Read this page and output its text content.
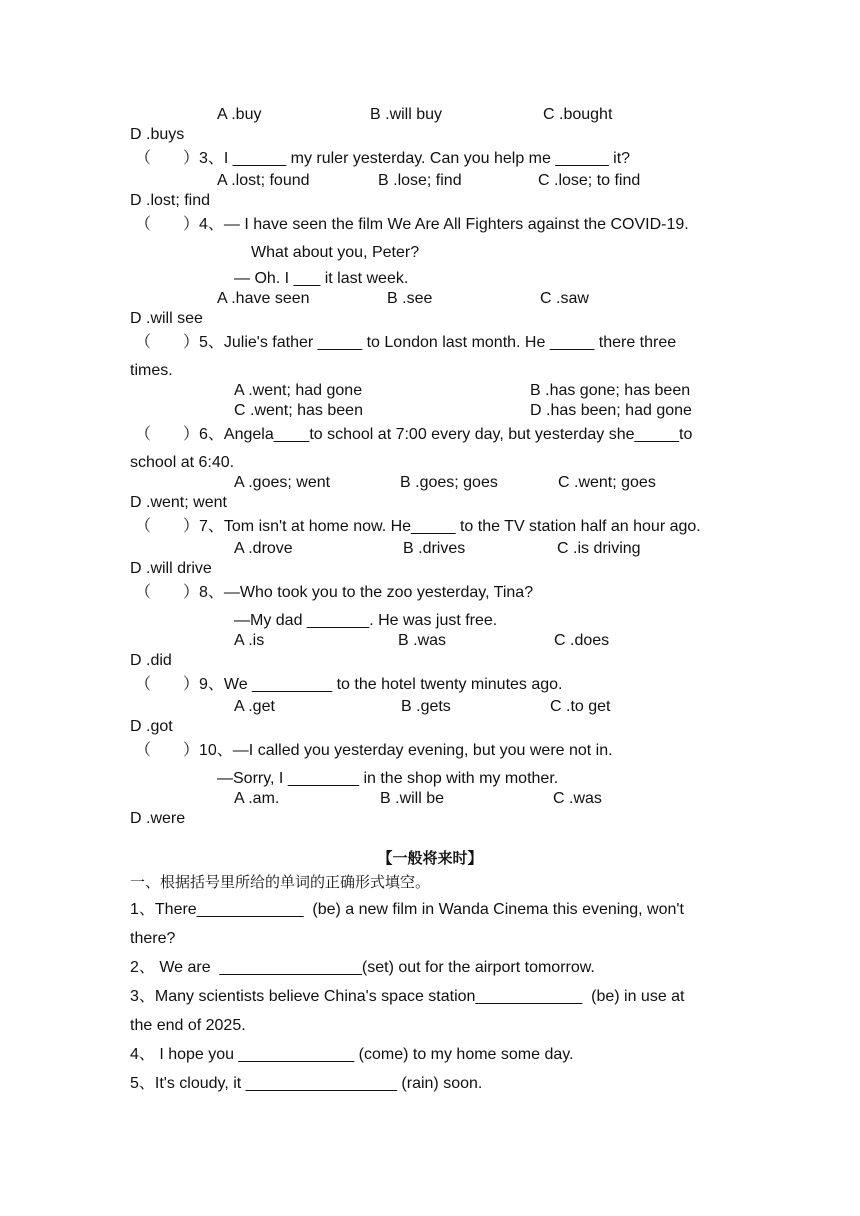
A .buy	B .will buy	C .bought
D .buys
（　　）3、I ______ my ruler yesterday. Can you help me ______ it?
A .lost; found	B .lose; find	C .lose; to find
D .lost; find
（　　）4、— I have seen the film We Are All Fighters against the COVID-19.
What about you, Peter?
— Oh. I ___ it last week.
A .have seen	B .see	C .saw
D .will see
（　　）5、Julie's father _____ to London last month. He _____ there three
times.
A .went; had gone	B .has gone; has been
C .went; has been	D .has been; had gone
（　　）6、Angela____to school at 7:00 every day, but yesterday she_____to
school at 6:40.
A .goes; went	B .goes; goes	C .went; goes
D .went; went
（　　）7、Tom isn't at home now. He_____ to the TV station half an hour ago.
A .drove	B .drives	C .is driving
D .will drive
（　　）8、—Who took you to the zoo yesterday, Tina?
—My dad _______. He was just free.
A .is	B .was	C .does
D .did
（　　）9、We _________ to the hotel twenty minutes ago.
A .get	B .gets	C .to get
D .got
（　　）10、—I called you yesterday evening, but you were not in.
—Sorry, I ________ in the shop with my mother.
A .am.	B .will be	C .was
D .were
【一般将来时】
一、根据括号里所给的单词的正确形式填空。
1、There____________  (be) a new film in Wanda Cinema this evening, won't
there?
2、 We are  ________________(set) out for the airport tomorrow.
3、Many scientists believe China's space station____________  (be) in use at
the end of 2025.
4、 I hope you _____________ (come) to my home some day.
5、It's cloudy, it _________________ (rain) soon.
